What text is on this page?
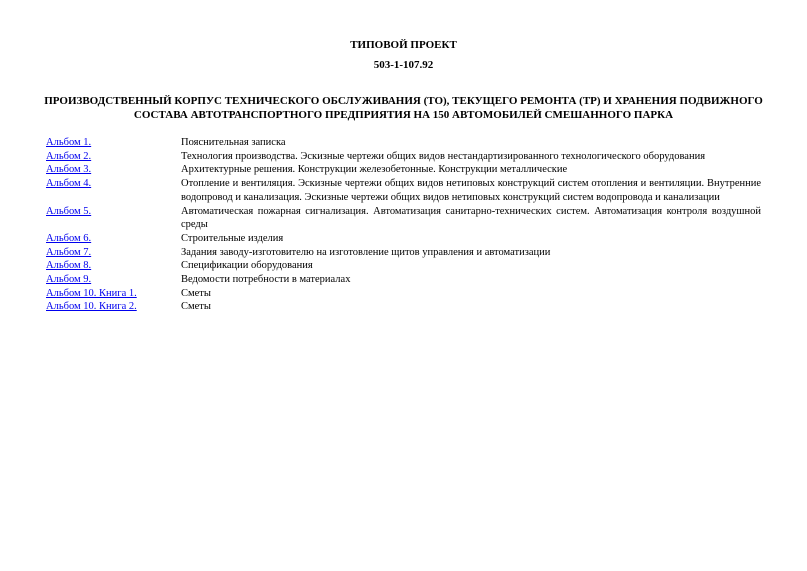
ТИПОВОЙ ПРОЕКТ
503-1-107.92
ПРОИЗВОДСТВЕННЫЙ КОРПУС ТЕХНИЧЕСКОГО ОБСЛУЖИВАНИЯ (ТО), ТЕКУЩЕГО РЕМОНТА (ТР) И ХРАНЕНИЯ ПОДВИЖНОГО СОСТАВА АВТОТРАНСПОРТНОГО ПРЕДПРИЯТИЯ НА 150 АВТОМОБИЛЕЙ СМЕШАННОГО ПАРКА
Альбом 1.	Пояснительная записка
Альбом 2.	Технология производства. Эскизные чертежи общих видов нестандартизированного технологического оборудования
Альбом 3.	Архитектурные решения. Конструкции железобетонные. Конструкции металлические
Альбом 4.	Отопление и вентиляция. Эскизные чертежи общих видов нетиповых конструкций систем отопления и вентиляции. Внутренние водопровод и канализация. Эскизные чертежи общих видов нетиповых конструкций систем водопровода и канализации
Альбом 5.	Автоматическая пожарная сигнализация. Автоматизация санитарно-технических систем. Автоматизация контроля воздушной среды
Альбом 6.	Строительные изделия
Альбом 7.	Задания заводу-изготовителю на изготовление щитов управления и автоматизации
Альбом 8.	Спецификации оборудования
Альбом 9.	Ведомости потребности в материалах
Альбом 10. Книга 1.	Сметы
Альбом 10. Книга 2.	Сметы
